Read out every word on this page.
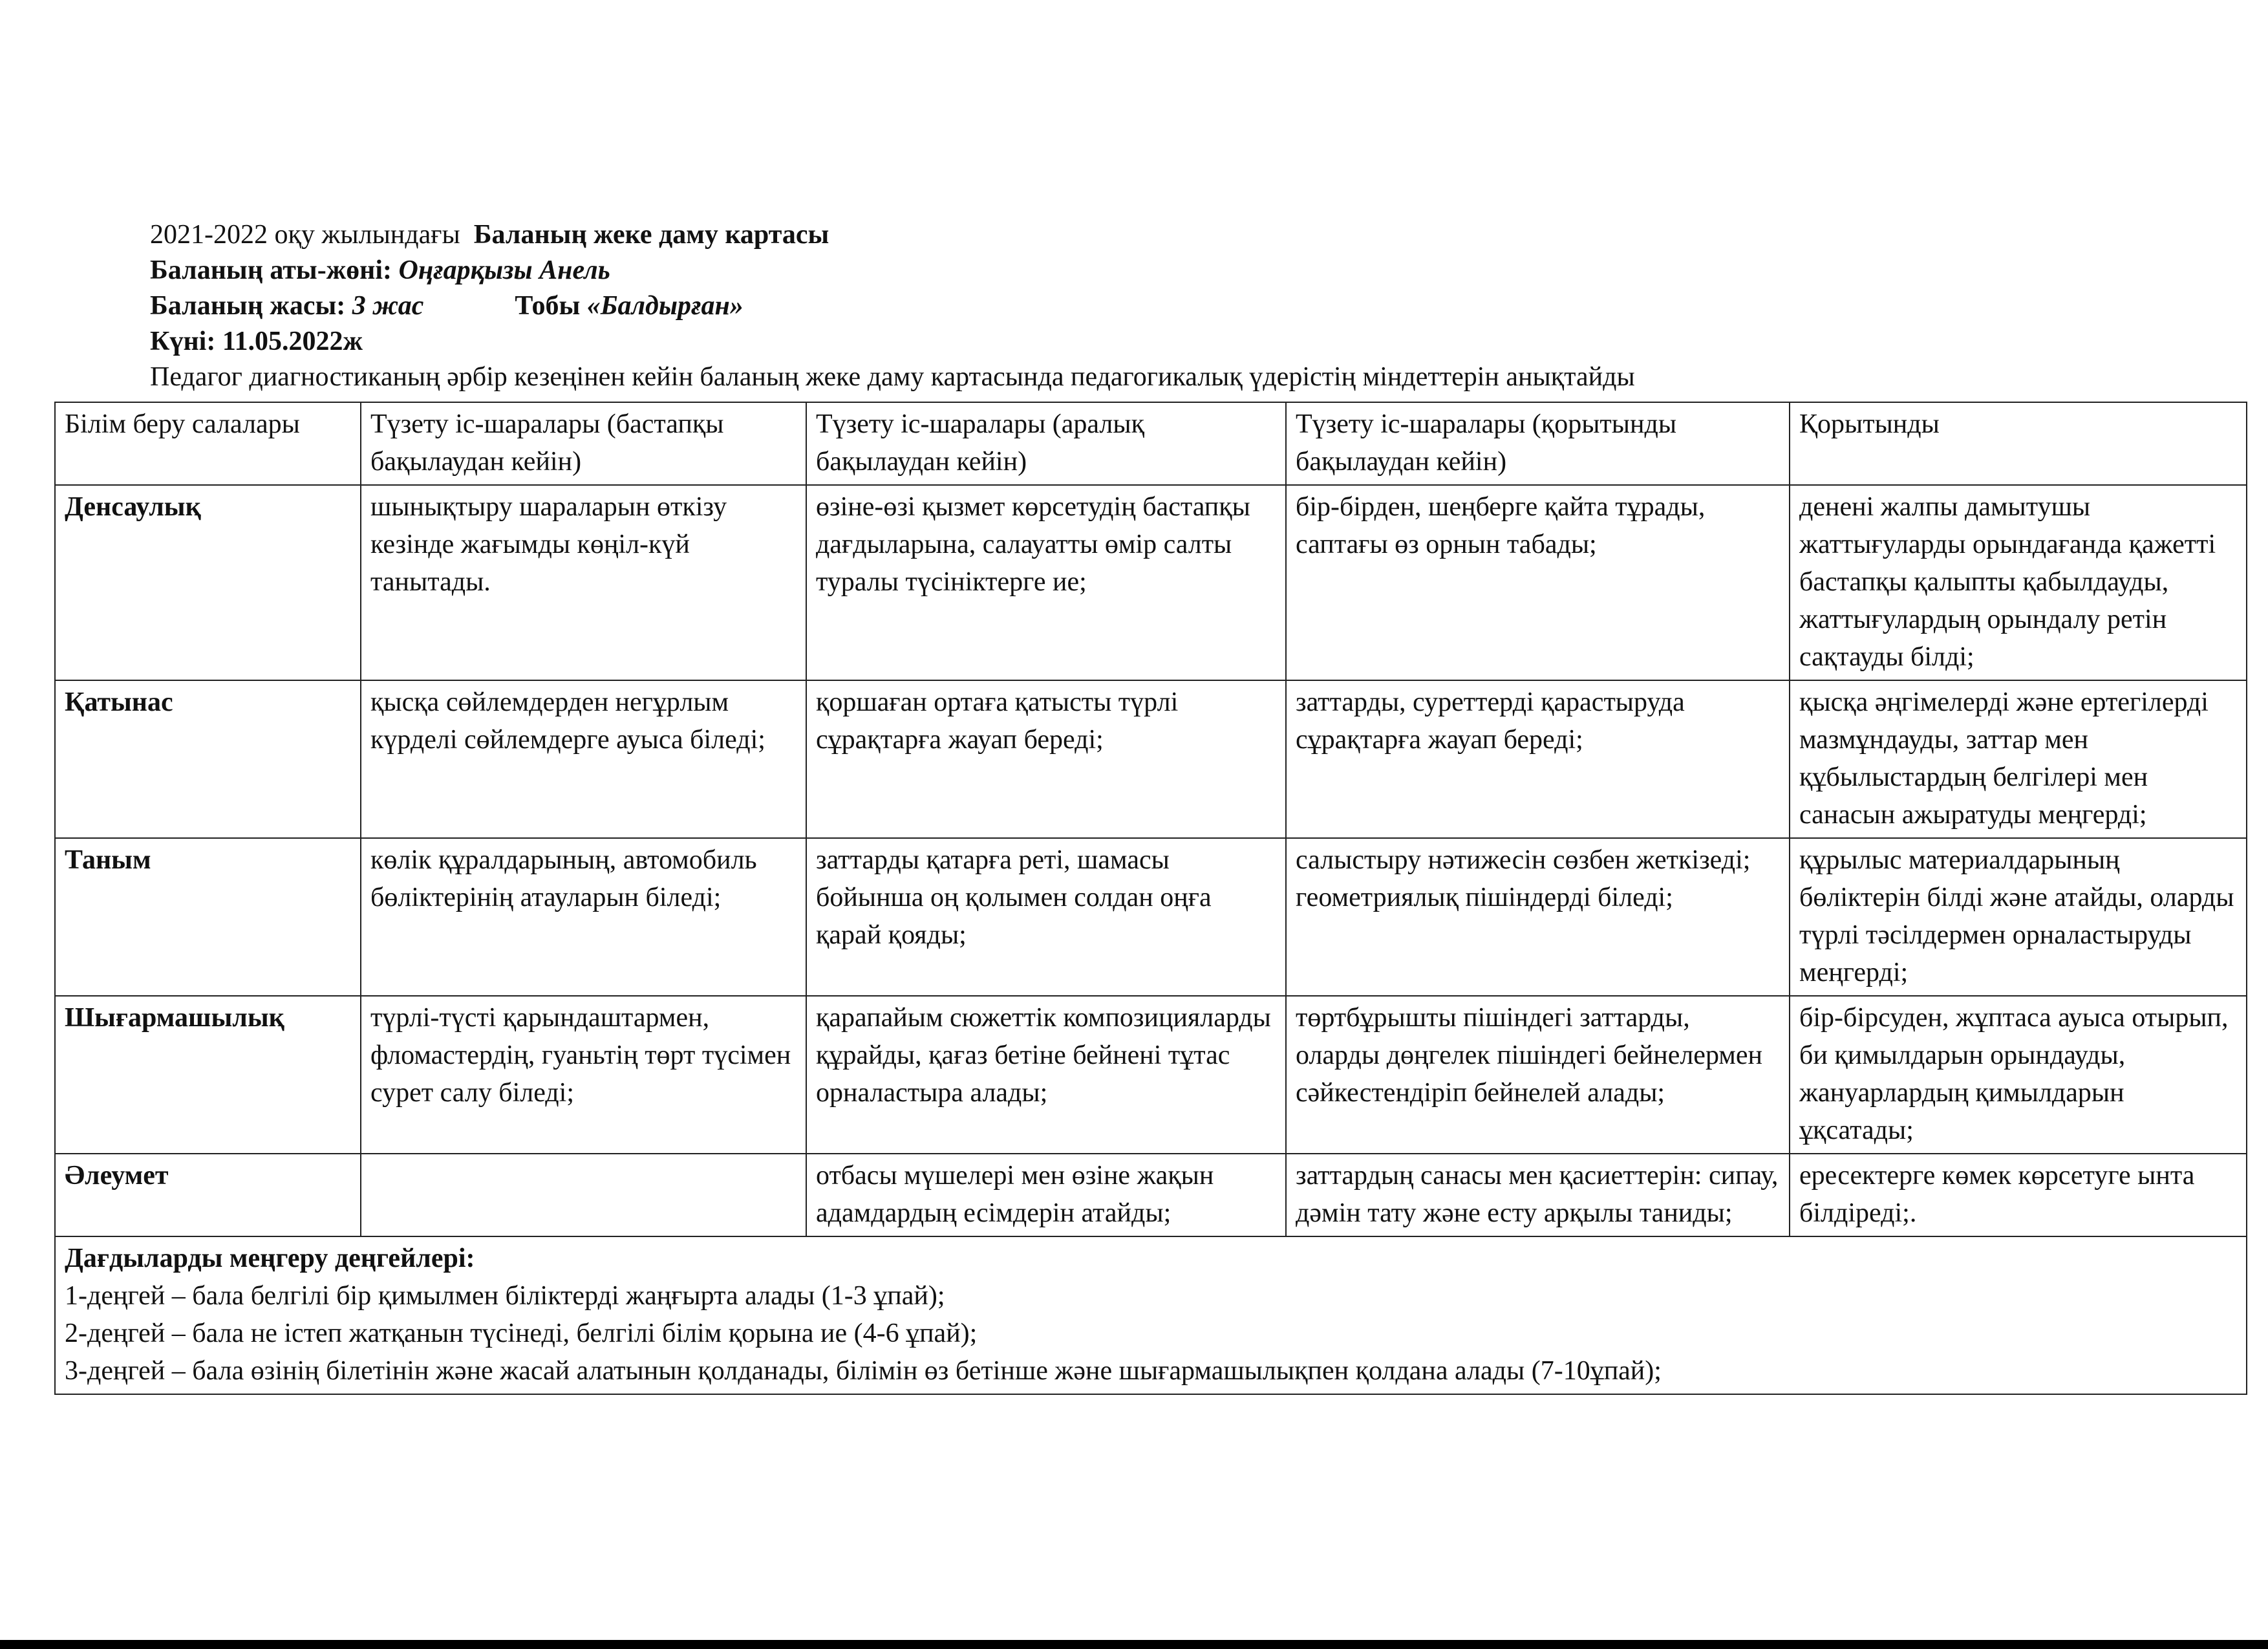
2021-2022 оқу жылындағы Баланың жеке даму картасы
Баланың аты-жөні: Оңғарқызы Анель
Баланың жасы: 3 жас	Тобы «Балдырған»
Күні: 11.05.2022ж
Педагог диагностиканың әрбір кезеңінен кейін баланың жеке даму картасында педагогикалық үдерістің міндеттерін анықтайды
Білім беру салалары	Түзету іс-шаралары (бастапқы бақылаудан кейін)	Түзету іс-шаралары (аралық бақылаудан кейін)	Түзету іс-шаралары (қорытынды бақылаудан кейін)	Қорытынды
Денсаулық	шынықтыру шараларын өткізу кезінде жағымды көңіл-күй танытады.	өзіне-өзі қызмет көрсетудің бастапқы дағдыларына, салауатты өмір салты туралы түсініктерге ие;	бір-бірден, шеңберге қайта тұрады, саптағы өз орнын табады;	денені жалпы дамытушы жаттығуларды орындағанда қажетті бастапқы қалыпты қабылдауды, жаттығулардың орындалу ретін сақтауды білді;
Қатынас	қысқа сөйлемдерден негұрлым күрделі сөйлемдерге ауыса біледі;	қоршаған ортаға қатысты түрлі сұрақтарға жауап береді;	заттарды, суреттерді қарастыруда сұрақтарға жауап береді;	қысқа әңгімелерді және ертегілерді мазмұндауды, заттар мен құбылыстардың белгілері мен санасын ажыратуды меңгерді;
Таным	көлік құралдарының, автомобиль бөліктерінің атауларын біледі;	заттарды қатарға реті, шамасы бойынша оң қолымен солдан оңға қарай қояды;	салыстыру нәтижесін сөзбен жеткізеді; геометриялық пішіндерді біледі;	құрылыс материалдарының бөліктерін білді және атайды, оларды түрлі тәсілдермен орналастыруды меңгерді;
Шығармашылық	түрлі-түсті қарындаштармен, фломастердің, гуаньтің төрт түсімен сурет салу біледі;	қарапайым сюжеттік композицияларды құрайды, қағаз бетіне бейнені тұтас орналастыра алады;	төртбұрышты пішіндегі заттарды, оларды дөңгелек пішіндегі бейнелермен сәйкестендіріп бейнелей алады;	бір-бірсуден, жұптаса ауыса отырып, би қимылдарын орындауды, жануарлардың қимылдарын ұқсатады;
Әлеумет		отбасы мүшелері мен өзіне жақын адамдардың есімдерін атайды;	заттардың санасы мен қасиеттерін: сипау, дәмін тату және есту арқылы таниды;	ересектерге көмек көрсетуге ынта білдіреді;.

Дағдыларды меңгеру деңгейлері:
1-деңгей – бала белгілі бір қимылмен біліктерді жаңғырта алады (1-3 ұпай);
2-деңгей – бала не істеп жатқанын түсінеді, белгілі білім қорына ие (4-6 ұпай);
3-деңгей – бала өзінің білетінін және жасай алатынын қолданады, білімін өз бетінше және шығармашылықпен қолдана алады (7-10ұпай);				
